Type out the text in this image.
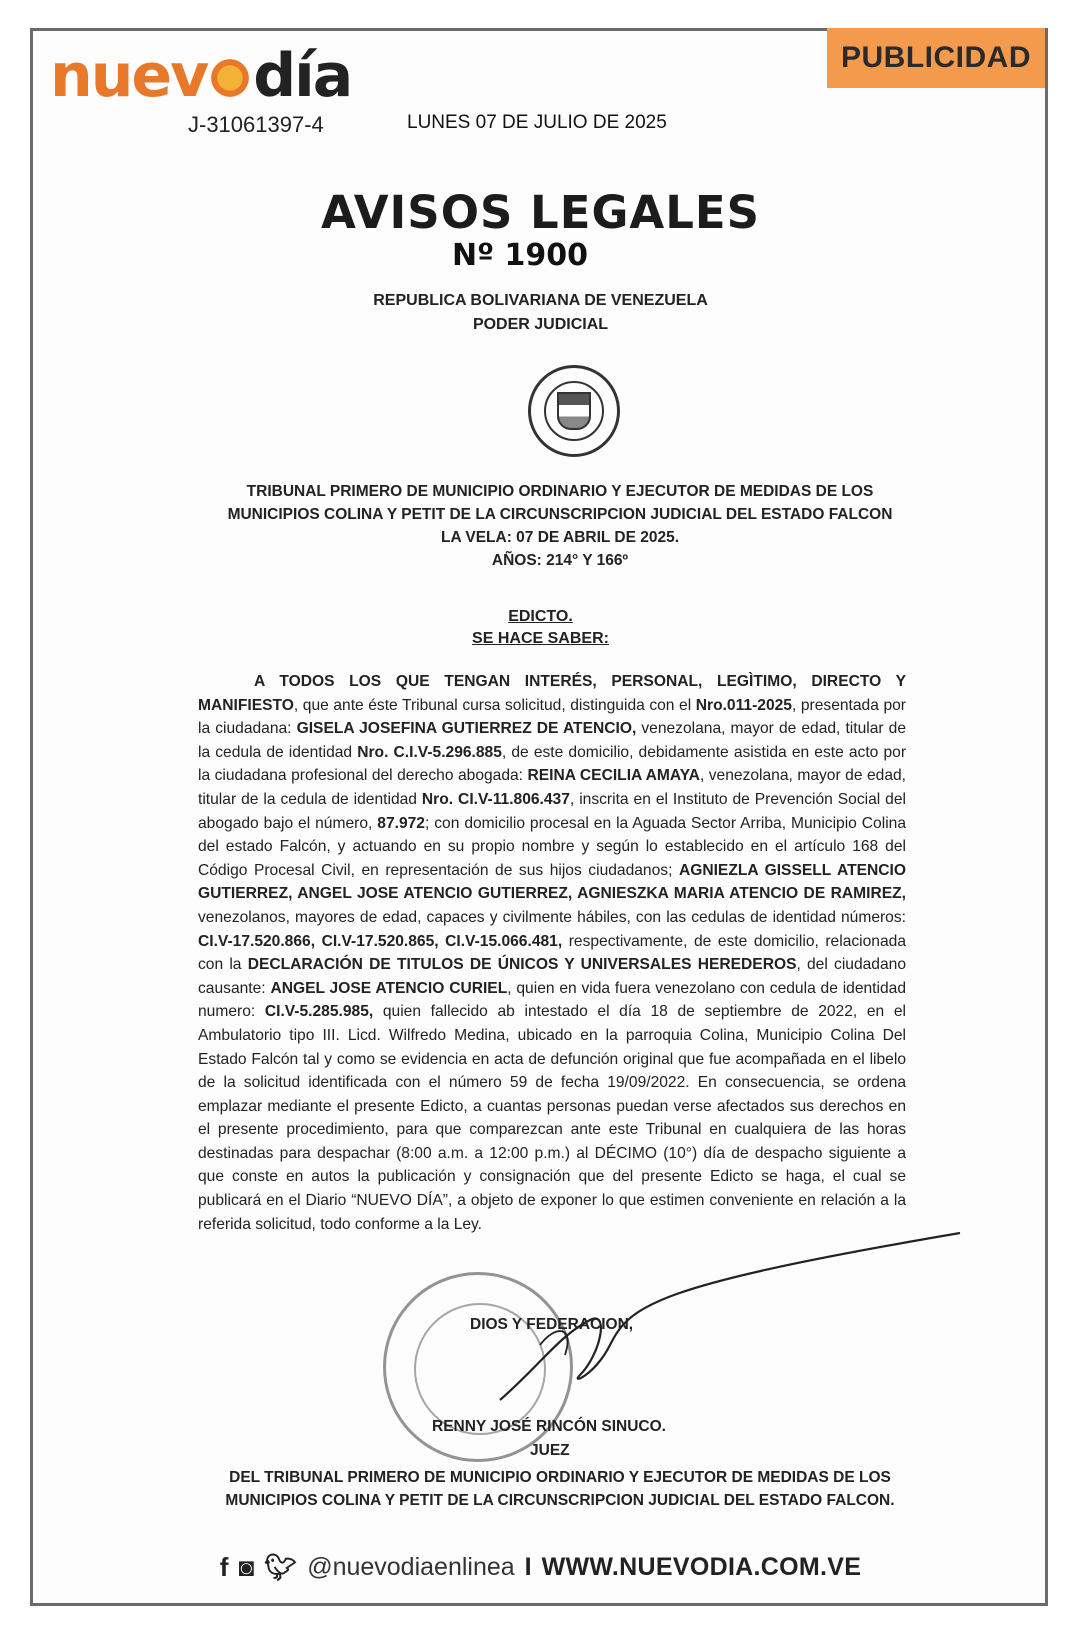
nuev día
J-31061397-4	LUNES 07 DE JULIO DE 2025
PUBLICIDAD
AVISOS LEGALES
Nº 1900
REPUBLICA BOLIVARIANA DE VENEZUELA
PODER JUDICIAL
TRIBUNAL PRIMERO DE MUNICIPIO ORDINARIO Y EJECUTOR DE MEDIDAS DE LOS
MUNICIPIOS COLINA Y PETIT DE LA CIRCUNSCRIPCION JUDICIAL DEL ESTADO FALCON
LA VELA: 07 DE ABRIL DE 2025.
AÑOS: 214° Y 166º
EDICTO.
SE HACE SABER:

A TODOS LOS QUE TENGAN INTERÉS, PERSONAL, LEGÌTIMO, DIRECTO Y MANIFIESTO, que ante éste Tribunal cursa solicitud, distinguida con el Nro.011-2025, presentada por la ciudadana: GISELA JOSEFINA GUTIERREZ DE ATENCIO, venezolana, mayor de edad, titular de la cedula de identidad Nro. C.I.V-5.296.885, de este domicilio, debidamente asistida en este acto por la ciudadana profesional del derecho abogada: REINA CECILIA AMAYA, venezolana, mayor de edad, titular de la cedula de identidad Nro. CI.V-11.806.437, inscrita en el Instituto de Prevención Social del abogado bajo el número, 87.972; con domicilio procesal en la Aguada Sector Arriba, Municipio Colina del estado Falcón, y actuando en su propio nombre y según lo establecido en el artículo 168 del Código Procesal Civil, en representación de sus hijos ciudadanos; AGNIEZLA GISSELL ATENCIO GUTIERREZ, ANGEL JOSE ATENCIO GUTIERREZ, AGNIESZKA MARIA ATENCIO DE RAMIREZ, venezolanos, mayores de edad, capaces y civilmente hábiles, con las cedulas de identidad números: CI.V-17.520.866, CI.V-17.520.865, CI.V-15.066.481, respectivamente, de este domicilio, relacionada con la DECLARACIÓN DE TITULOS DE ÚNICOS Y UNIVERSALES HEREDEROS, del ciudadano causante: ANGEL JOSE ATENCIO CURIEL, quien en vida fuera venezolano con cedula de identidad numero: CI.V-5.285.985, quien fallecido ab intestado el día 18 de septiembre de 2022, en el Ambulatorio tipo III. Licd. Wilfredo Medina, ubicado en la parroquia Colina, Municipio Colina Del Estado Falcón tal y como se evidencia en acta de defunción original que fue acompañada en el libelo de la solicitud identificada con el número 59 de fecha 19/09/2022. En consecuencia, se ordena emplazar mediante el presente Edicto, a cuantas personas puedan verse afectados sus derechos en el presente procedimiento, para que comparezcan ante este Tribunal en cualquiera de las horas destinadas para despachar (8:00 a.m. a 12:00 p.m.) al DÉCIMO (10°) día de despacho siguiente a que conste en autos la publicación y consignación que del presente Edicto se haga, el cual se publicará en el Diario “NUEVO DÍA”, a objeto de exponer lo que estimen conveniente en relación a la referida solicitud, todo conforme a la Ley.

DIOS Y FEDERACION,
RENNY JOSÉ RINCÓN SINUCO.
JUEZ
DEL TRIBUNAL PRIMERO DE MUNICIPIO ORDINARIO Y EJECUTOR DE MEDIDAS DE LOS
MUNICIPIOS COLINA Y PETIT DE LA CIRCUNSCRIPCION JUDICIAL DEL ESTADO FALCON.
f ◙ 🐦︎ @nuevodiaenlinea I WWW.NUEVODIA.COM.VE
